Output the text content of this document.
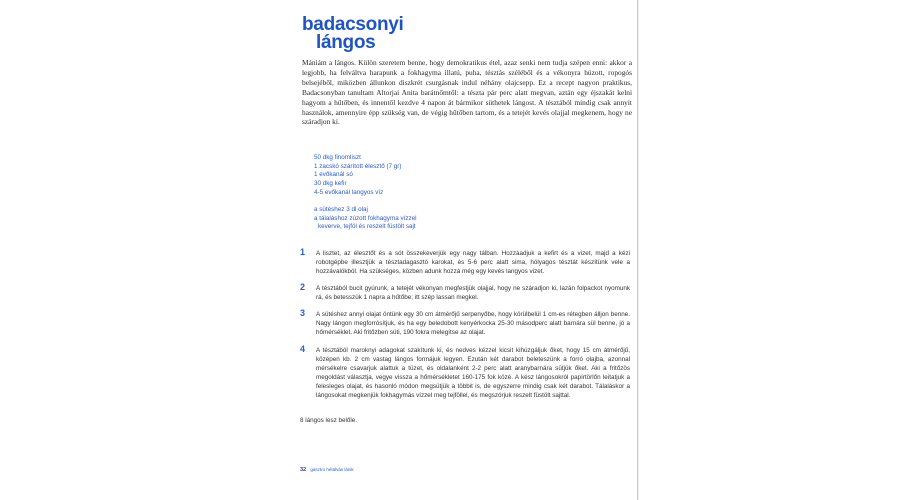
badacsonyi
lángos

Mániám a lángos. Külön szeretem benne, hogy demokratikus étel, azaz senki nem tudja szépen enni: akkor a legjobb, ha felváltva harapunk a fokhagyma illatú, puha, tésztás széléből és a vékonyra húzott, ropogós belsejéből, miközben állunkon diszkrét csurgásnak indul néhány olajcsepp. Ez a recept nagyon praktikus, Badacsonyban tanultam Altorjai Anita barátnőmtől: a tészta pár perc alatt megvan, aztán egy éjszakát kelni hagyom a hűtőben, és innentől kezdve 4 napon át bármikor süthetek lángost. A tésztából mindig csak annyit használok, amennyire épp szükség van, de végig hűtőben tartom, és a tetejét kevés olajjal megkenem, hogy ne száradjon ki.

50 dkg finomliszt
1 zacskó szárított élesztő (7 gr)
1 evőkanál só
30 dkg kefir
4-5 evőkanál langyos víz
a sütéshez 3 dl olaj
a tálaláshoz zúzott fokhagyma vízzel
keverve, tejföl és reszelt füstölt sajt
1 A lisztet, az élesztőt és a sót összekeverjük egy nagy tálban. Hozzáadjuk a kefirt és a vizet, majd a kézi robotgépbe illesztjük a tésztadagasztó karokat, és 5-6 perc alatt sima, hólyagos tésztát készítünk vele a hozzávalókból. Ha szükséges, közben adunk hozzá még egy kevés langyos vizet.

2 A tésztából bucit gyúrunk, a tetejét vékonyan megfestjük olajjal, hogy ne száradjon ki, lazán folpackot nyomunk rá, és betesszük 1 napra a hűtőbe; itt szép lassan megkel.

3 A sütéshez annyi olajat öntünk egy 30 cm átmérőjű serpenyőbe, hogy körülbelül 1 cm-es rétegben álljon benne. Nagy lángon megforrósítjuk, és ha egy beledobott kenyérkocka 25-30 másodperc alatt barnára sül benne, jó a hőmérséklet. Aki fritőzben süti, 190 fokra melegítse az olajat.

4 A tésztából maroknyi adagokat szakítunk ki, és nedves kézzel kicsit kihúzgáljuk őket, hogy 15 cm átmérőjű, középen kb. 2 cm vastag lángos formájuk legyen. Ezután két darabot beleteszünk a forró olajba, azonnal mérsékelre csavarjuk alattuk a tüzet, és oldalanként 2-2 perc alatt aranybarnára sütjük őket. Aki a fritőzös megoldást választja, vegye vissza a hőmérsékletet 160-175 fok közé. A kész lángosokról papírtörlőn leitatjuk a felesleges olajat, és hasonló módon megsütjük a többit is, de egyszerre mindig csak két darabot. Tálaláskor a lángosokat megkenjük fokhagymás vízzel meg tejföllel, és megszórjuk reszelt füstölt sajttal.

8 lángos lesz belőle.

32 gasztro hétalvás lánik
